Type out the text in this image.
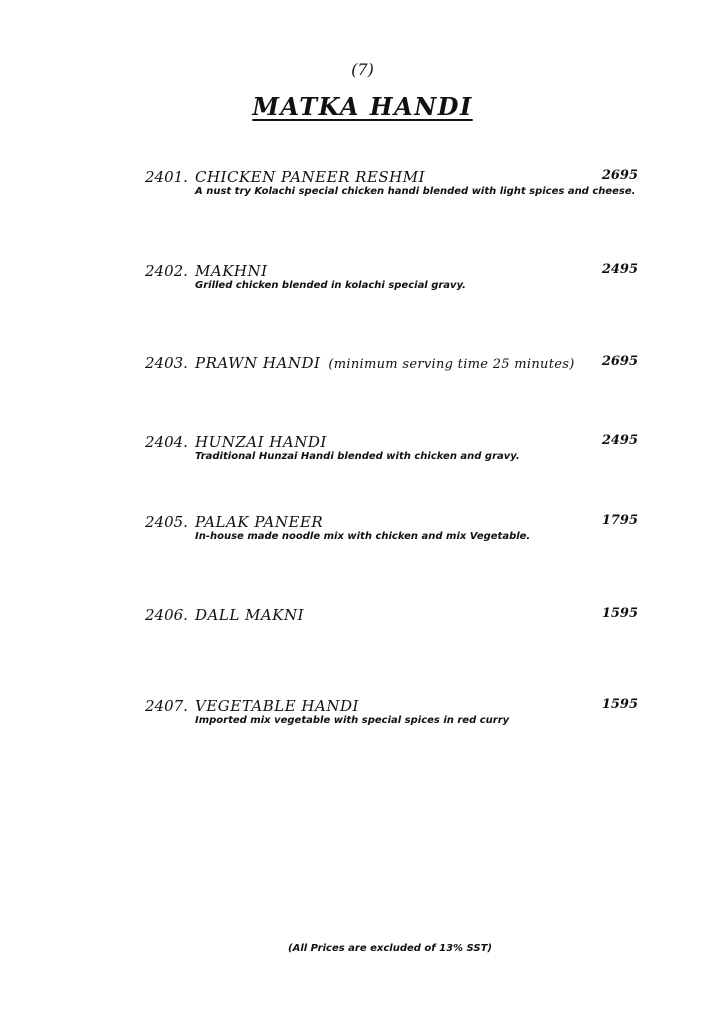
(7)
MATKA HANDI
2401. CHICKEN PANEER RESHMI	2695
A nust try Kolachi special chicken handi blended with light spices and cheese.
2402. MAKHNI	2495
Grilled chicken blended in kolachi special gravy.
2403. PRAWN HANDI (minimum serving time 25 minutes) 2695
2404. HUNZAI HANDI	2495
Traditional Hunzai Handi blended with chicken and gravy.
2405. PALAK PANEER	1795
In-house made noodle mix with chicken and mix Vegetable.
2406. DALL MAKNI	1595
2407. VEGETABLE HANDI	1595
Imported mix vegetable with special spices in red curry
(All Prices are excluded of 13% SST)
